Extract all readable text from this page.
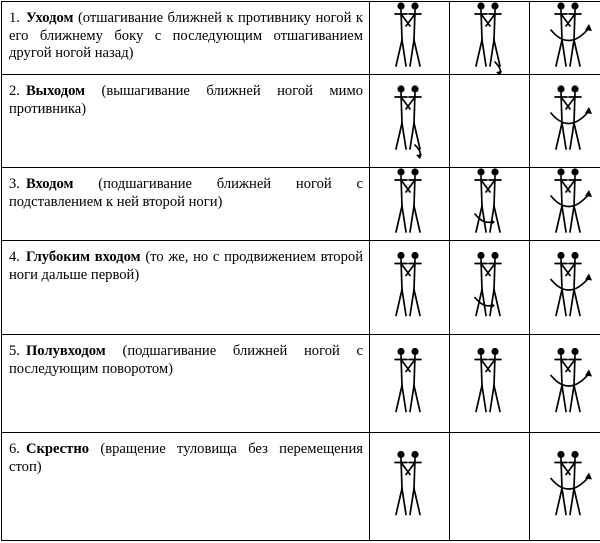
1. Уходом (отшагивание ближней к противнику ногой к его ближнему боку с последующим отшагиванием другой ногой назад)	

2. Выходом (вышагивание ближней ногой мимо противника)	

3. Входом (подшагивание ближней ногой с подставлением к ней второй ноги)	

4. Глубоким входом (то же, но с продвижением второй ноги дальше первой)	

5. Полувходом (подшагивание ближней ногой с последующим поворотом)	

6. Скрестно (вращение туловища без перемещения стоп)	
